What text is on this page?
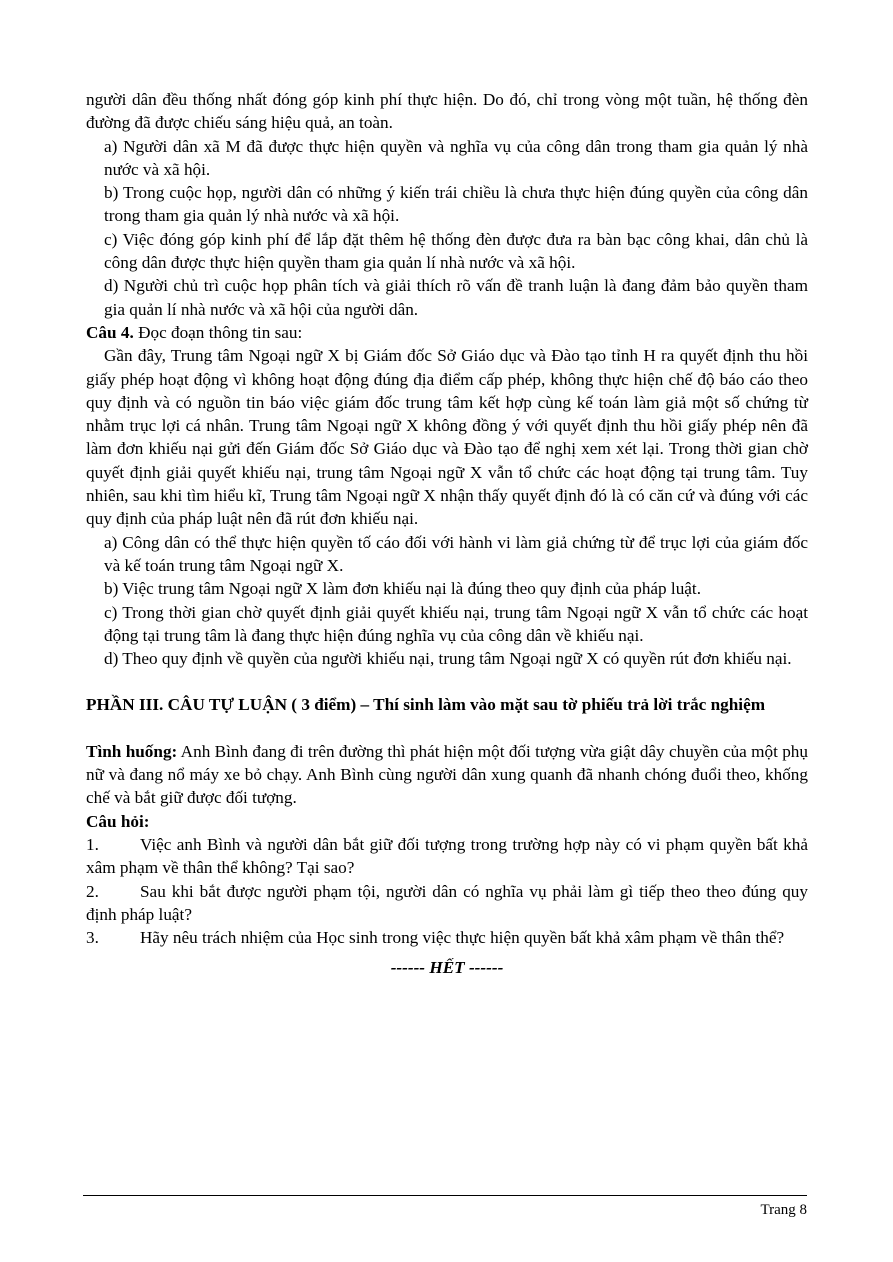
người dân đều thống nhất đóng góp kinh phí thực hiện. Do đó, chỉ trong vòng một tuần, hệ thống đèn đường đã được chiếu sáng hiệu quả, an toàn.

a) Người dân xã M đã được thực hiện quyền và nghĩa vụ của công dân trong tham gia quản lý nhà nước và xã hội.

b) Trong cuộc họp, người dân có những ý kiến trái chiều là chưa thực hiện đúng quyền của công dân trong tham gia quản lý nhà nước và xã hội.

c) Việc đóng góp kinh phí để lắp đặt thêm hệ thống đèn được đưa ra bàn bạc công khai, dân chủ là công dân được thực hiện quyền tham gia quản lí nhà nước và xã hội.

d) Người chủ trì cuộc họp phân tích và giải thích rõ vấn đề tranh luận là đang đảm bảo quyền tham gia quản lí nhà nước và xã hội của người dân.

Câu 4. Đọc đoạn thông tin sau:

Gần đây, Trung tâm Ngoại ngữ X bị Giám đốc Sở Giáo dục và Đào tạo tỉnh H ra quyết định thu hồi giấy phép hoạt động vì không hoạt động đúng địa điểm cấp phép, không thực hiện chế độ báo cáo theo quy định và có nguồn tin báo việc giám đốc trung tâm kết hợp cùng kế toán làm giả một số chứng từ nhằm trục lợi cá nhân. Trung tâm Ngoại ngữ X không đồng ý với quyết định thu hồi giấy phép nên đã làm đơn khiếu nại gửi đến Giám đốc Sở Giáo dục và Đào tạo để nghị xem xét lại. Trong thời gian chờ quyết định giải quyết khiếu nại, trung tâm Ngoại ngữ X vẫn tổ chức các hoạt động tại trung tâm. Tuy nhiên, sau khi tìm hiểu kĩ, Trung tâm Ngoại ngữ X nhận thấy quyết định đó là có căn cứ và đúng với các quy định của pháp luật nên đã rút đơn khiếu nại.

a) Công dân có thể thực hiện quyền tố cáo đối với hành vi làm giả chứng từ để trục lợi của giám đốc và kế toán trung tâm Ngoại ngữ X.

b) Việc trung tâm Ngoại ngữ X làm đơn khiếu nại là đúng theo quy định của pháp luật.

c) Trong thời gian chờ quyết định giải quyết khiếu nại, trung tâm Ngoại ngữ X vẫn tổ chức các hoạt động tại trung tâm là đang thực hiện đúng nghĩa vụ của công dân về khiếu nại.

d) Theo quy định về quyền của người khiếu nại, trung tâm Ngoại ngữ X có quyền rút đơn khiếu nại.

PHẦN III. CÂU TỰ LUẬN ( 3 điểm) – Thí sinh làm vào mặt sau tờ phiếu trả lời trắc nghiệm

Tình huống: Anh Bình đang đi trên đường thì phát hiện một đối tượng vừa giật dây chuyền của một phụ nữ và đang nổ máy xe bỏ chạy. Anh Bình cùng người dân xung quanh đã nhanh chóng đuổi theo, khống chế và bắt giữ được đối tượng.

Câu hỏi:

1. Việc anh Bình và người dân bắt giữ đối tượng trong trường hợp này có vi phạm quyền bất khả xâm phạm về thân thể không? Tại sao?

2. Sau khi bắt được người phạm tội, người dân có nghĩa vụ phải làm gì tiếp theo theo đúng quy định pháp luật?

3. Hãy nêu trách nhiệm của Học sinh trong việc thực hiện quyền bất khả xâm phạm về thân thể?

------ HẾT ------

Trang 8
